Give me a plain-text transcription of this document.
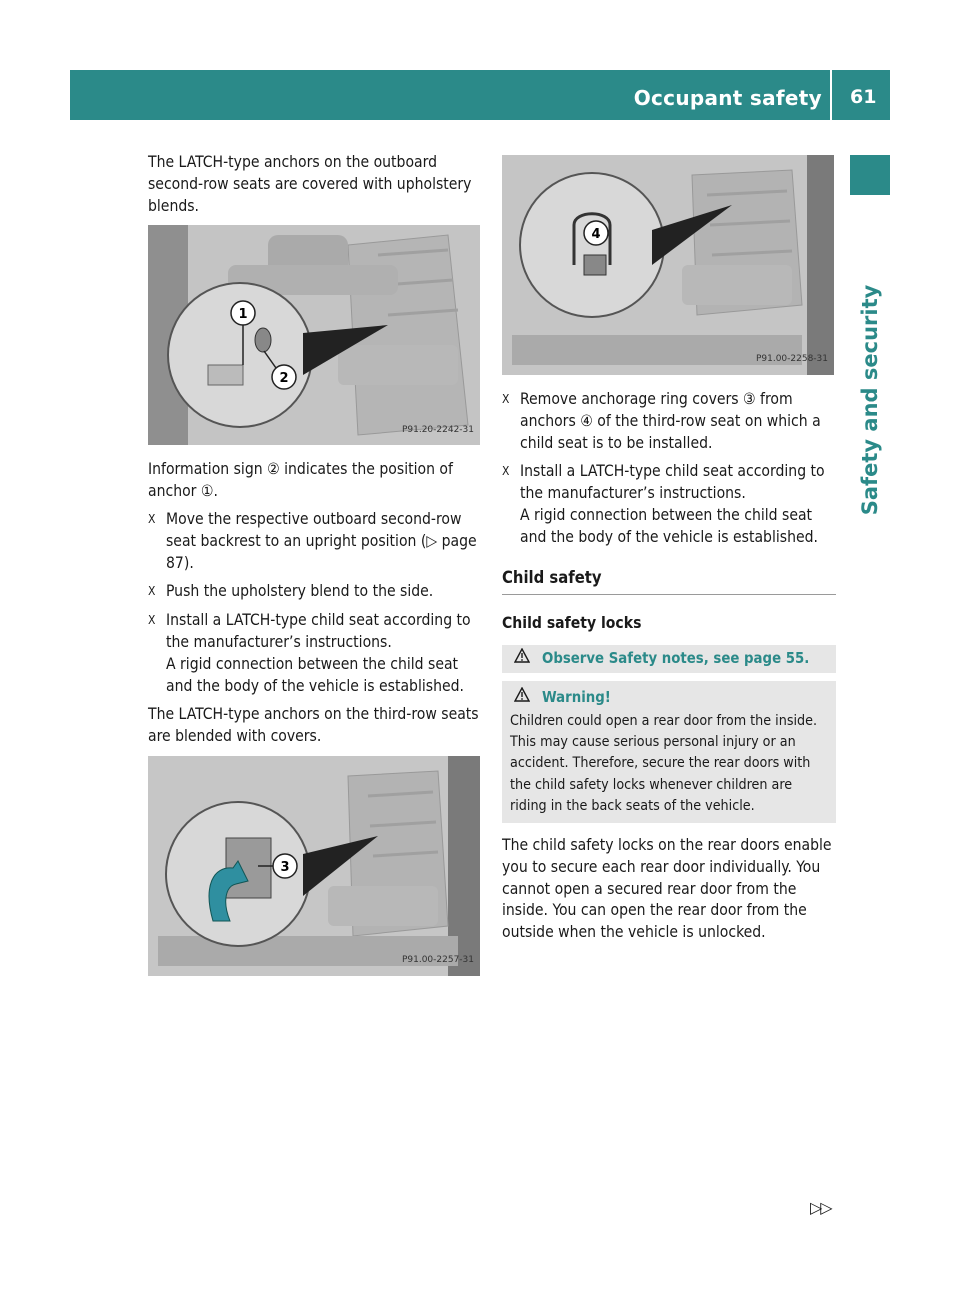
Occupant safety 61
Safety and security

The LATCH-type anchors on the outboard second-row seats are covered with upholstery blends.

1
2
P91.20-2242-31

Information sign ② indicates the position of anchor ①.

X Move the respective outboard second-row seat backrest to an upright position (▷ page 87).
X Push the upholstery blend to the side.
X Install a LATCH-type child seat according to the manufacturer’s instructions.
A rigid connection between the child seat and the body of the vehicle is established.

The LATCH-type anchors on the third-row seats are blended with covers.

3
P91.00-2257-31
4
P91.00-2258-31
X Remove anchorage ring covers ③ from anchors ④ of the third-row seat on which a child seat is to be installed.
X Install a LATCH-type child seat according to the manufacturer’s instructions.
A rigid connection between the child seat and the body of the vehicle is established.
Child safety
Child safety locks
Observe Safety notes, see page 55.
Warning!
Children could open a rear door from the inside. This may cause serious personal injury or an accident. Therefore, secure the rear doors with the child safety locks whenever children are riding in the back seats of the vehicle.

The child safety locks on the rear doors enable you to secure each rear door individually. You cannot open a secured rear door from the inside. You can open the rear door from the outside when the vehicle is unlocked.

▷▷
